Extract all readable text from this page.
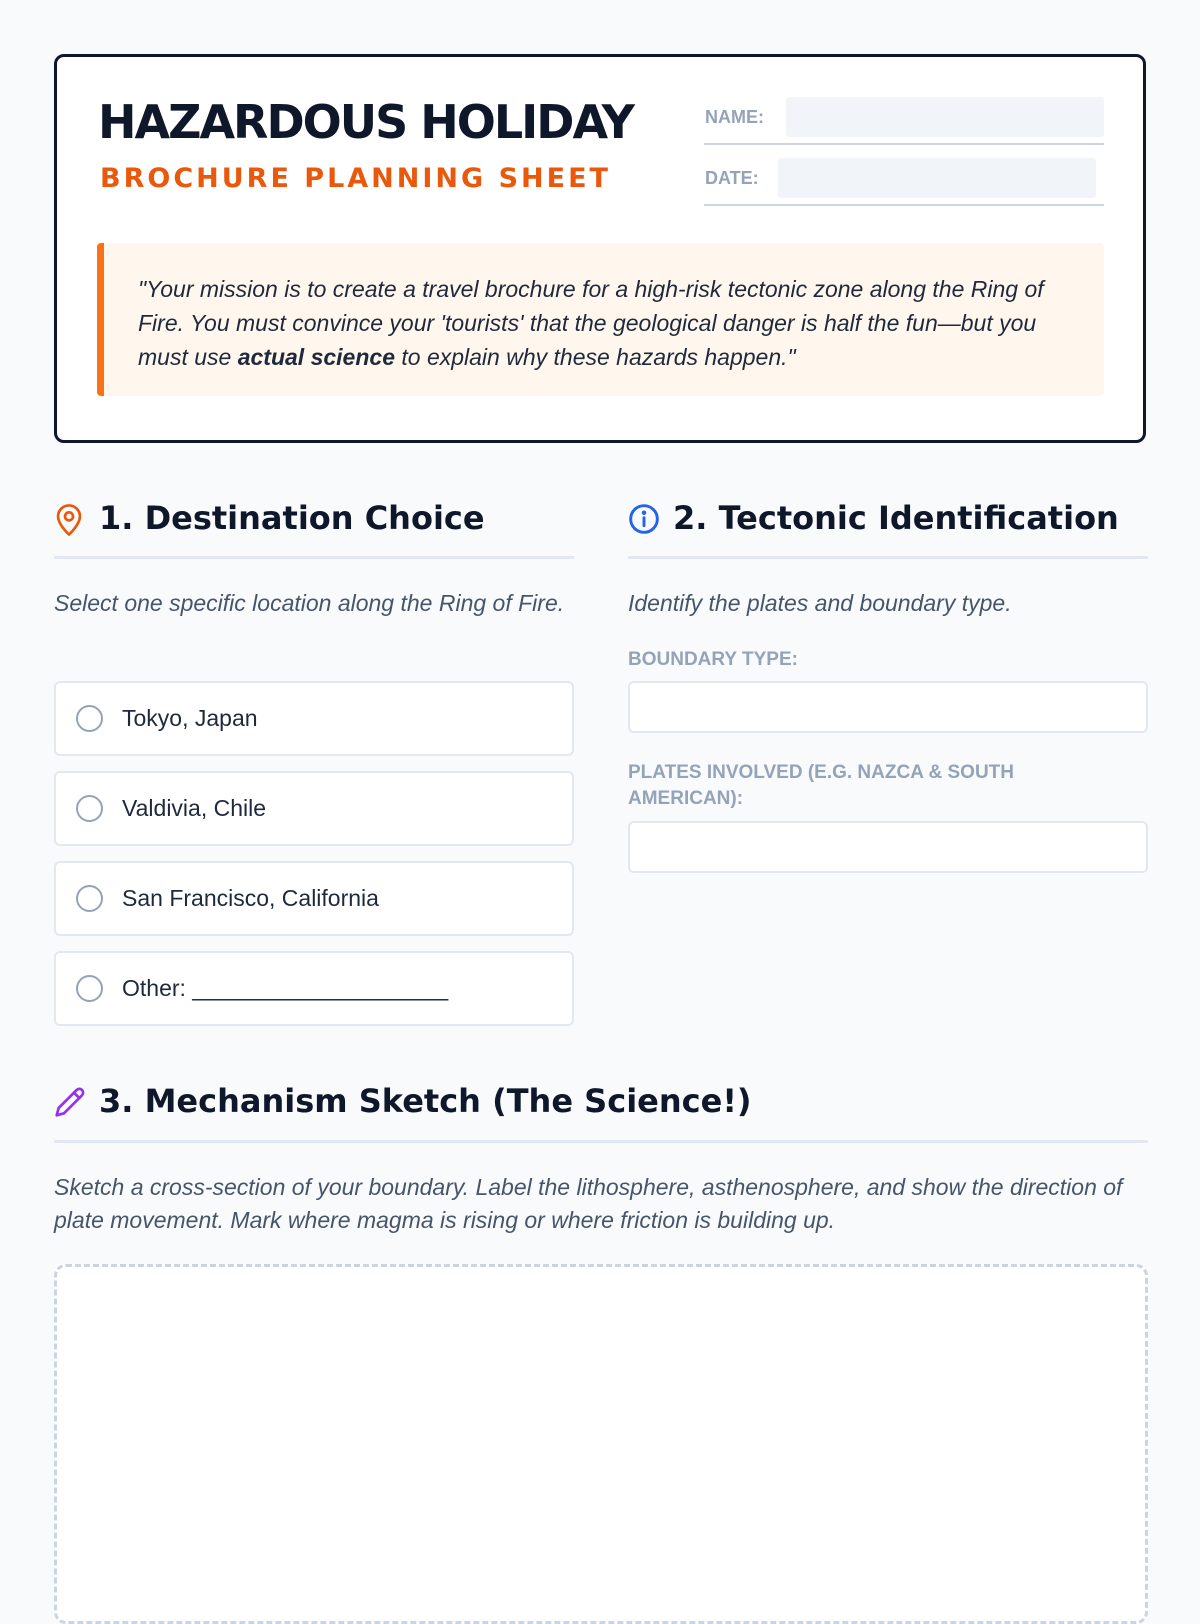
HAZARDOUS HOLIDAY

BROCHURE PLANNING SHEET

NAME:
DATE:
"Your mission is to create a travel brochure for a high-risk tectonic zone along the Ring of Fire. You must convince your 'tourists' that the geological danger is half the fun—but you must use actual science to explain why these hazards happen."
1. Destination Choice

Select one specific location along the Ring of Fire.

Tokyo, Japan
Valdivia, Chile
San Francisco, California
Other: ____________________
2. Tectonic Identification

Identify the plates and boundary type.

BOUNDARY TYPE:
PLATES INVOLVED (E.G. NAZCA & SOUTH AMERICAN):
3. Mechanism Sketch (The Science!)

Sketch a cross-section of your boundary. Label the lithosphere, asthenosphere, and show the direction of plate movement. Mark where magma is rising or where friction is building up.
